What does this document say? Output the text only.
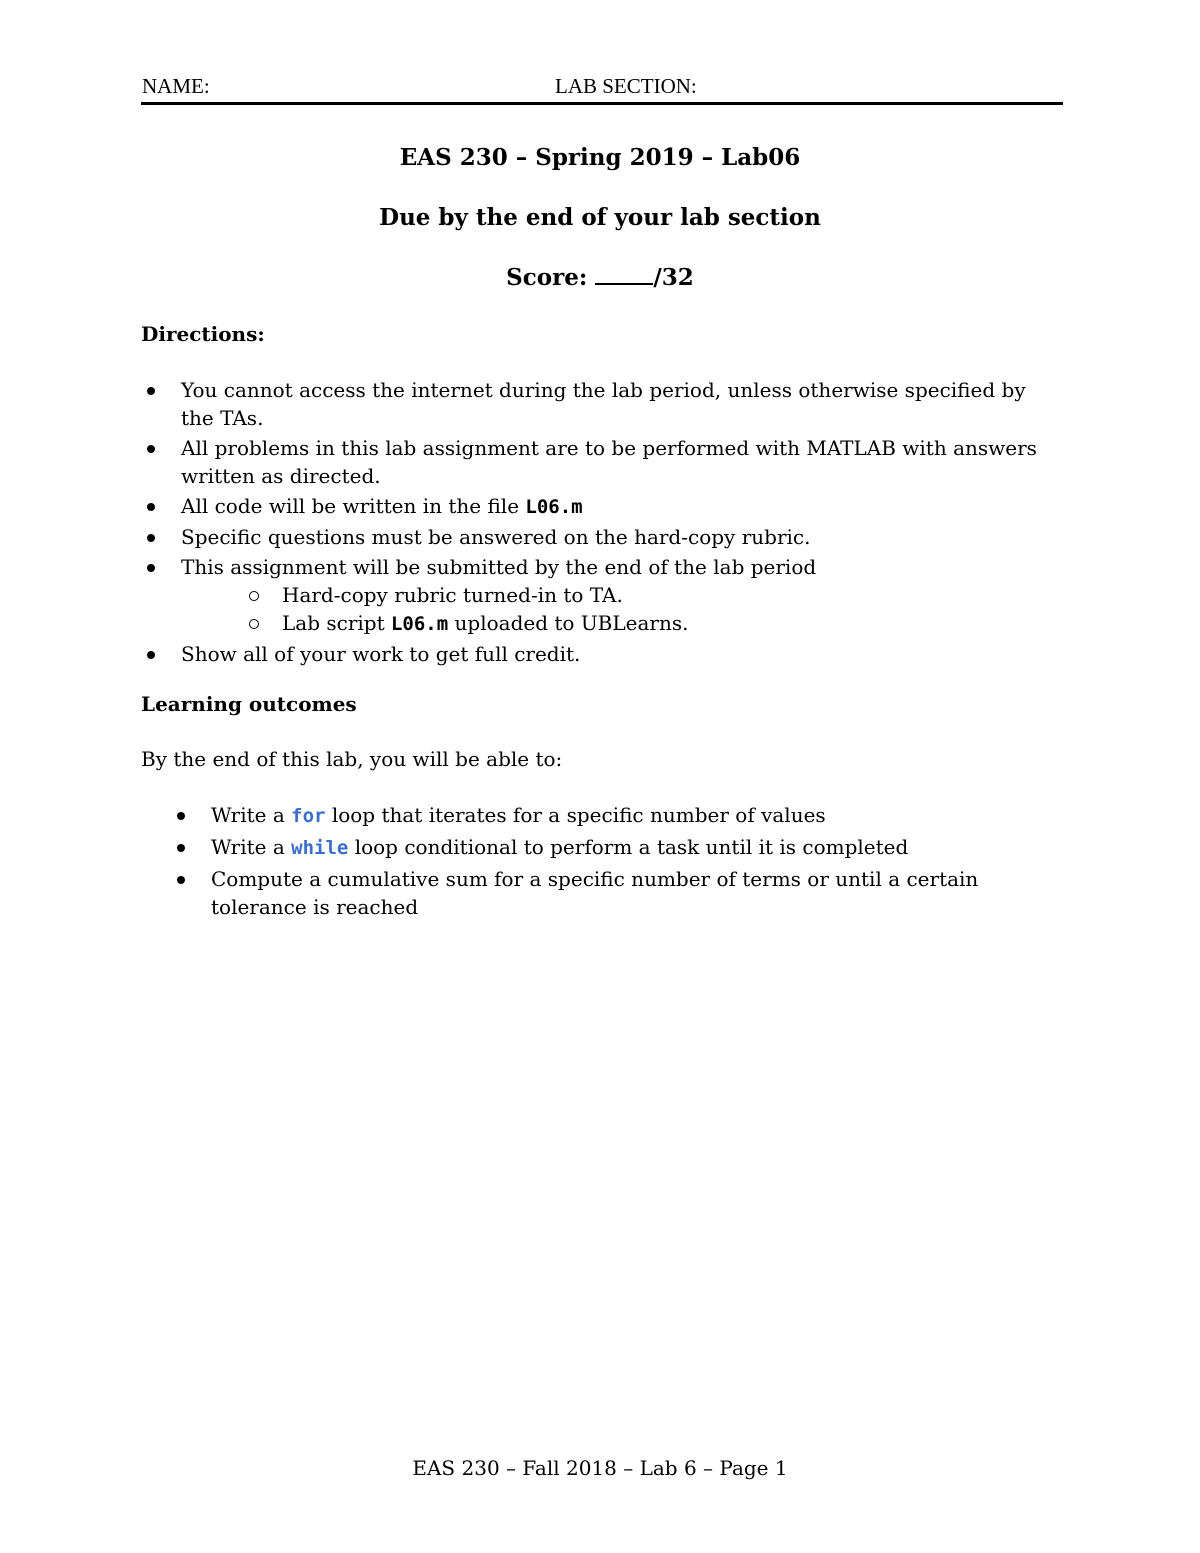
NAME:	LAB SECTION:
EAS 230 – Spring 2019 – Lab06
Due by the end of your lab section
Score:	/32
Directions:
You cannot access the internet during the lab period, unless otherwise specified by the TAs.
All problems in this lab assignment are to be performed with MATLAB with answers written as directed.
All code will be written in the file L06.m
Specific questions must be answered on the hard-copy rubric.
This assignment will be submitted by the end of the lab period
Hard-copy rubric turned-in to TA.
Lab script L06.m uploaded to UBLearns.
Show all of your work to get full credit.
Learning outcomes
By the end of this lab, you will be able to:
Write a for loop that iterates for a specific number of values
Write a while loop conditional to perform a task until it is completed
Compute a cumulative sum for a specific number of terms or until a certain tolerance is reached
EAS 230 – Fall 2018 – Lab 6 – Page 1
